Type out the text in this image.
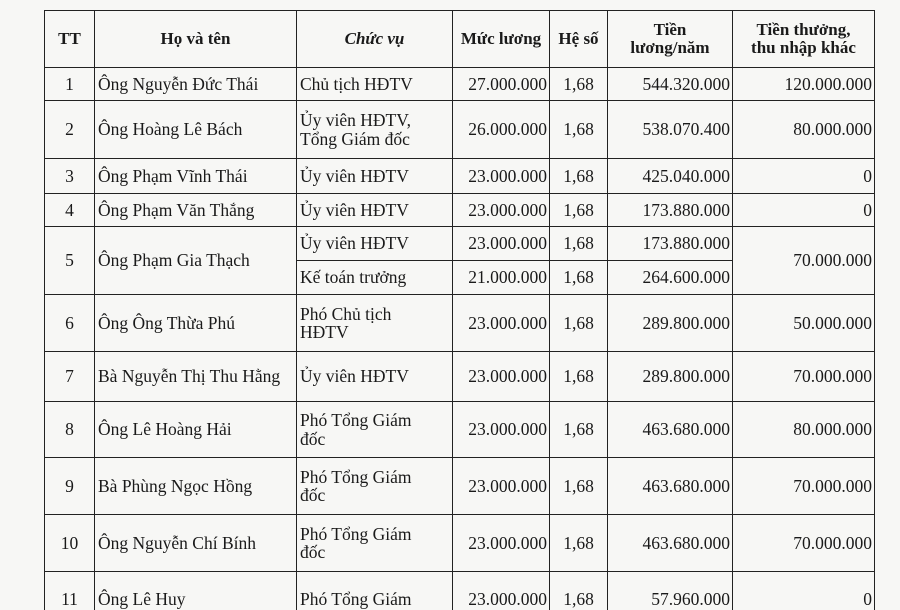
TT	Họ và tên	Chức vụ	Mức lương	Hệ số	Tiền
lương/năm	Tiền thưởng,
thu nhập khác
1	Ông Nguyễn Đức Thái	Chủ tịch HĐTV	27.000.000	1,68	544.320.000	120.000.000
2	Ông Hoàng Lê Bách	Ủy viên HĐTV,
Tổng Giám đốc	26.000.000	1,68	538.070.400	80.000.000
3	Ông Phạm Vĩnh Thái	Ủy viên HĐTV	23.000.000	1,68	425.040.000	0
4	Ông Phạm Văn Thắng	Ủy viên HĐTV	23.000.000	1,68	173.880.000	0
5	Ông Phạm Gia Thạch	Ủy viên HĐTV	23.000.000	1,68	173.880.000	70.000.000
		Kế toán trưởng	21.000.000	1,68	264.600.000	
6	Ông Ông Thừa Phú	Phó Chủ tịch
HĐTV	23.000.000	1,68	289.800.000	50.000.000
7	Bà Nguyễn Thị Thu Hằng	Ủy viên HĐTV	23.000.000	1,68	289.800.000	70.000.000
8	Ông Lê Hoàng Hải	Phó Tổng Giám
đốc	23.000.000	1,68	463.680.000	80.000.000
9	Bà Phùng Ngọc Hồng	Phó Tổng Giám
đốc	23.000.000	1,68	463.680.000	70.000.000
10	Ông Nguyễn Chí Bính	Phó Tổng Giám
đốc	23.000.000	1,68	463.680.000	70.000.000
11	Ông Lê Huy	Phó Tổng Giám	23.000.000	1,68	57.960.000	0
